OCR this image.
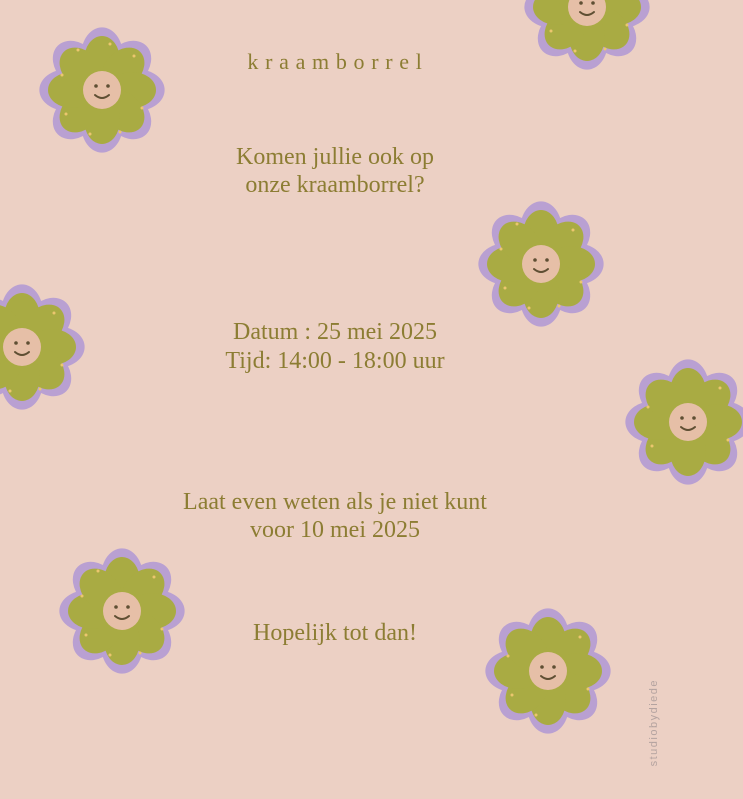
kraamborrel
Komen jullie ook op
onze kraamborrel?
Datum : 25 mei 2025
Tijd: 14:00 - 18:00 uur
Laat even weten als je niet kunt
voor 10 mei 2025
Hopelijk tot dan!
studiobydiede
